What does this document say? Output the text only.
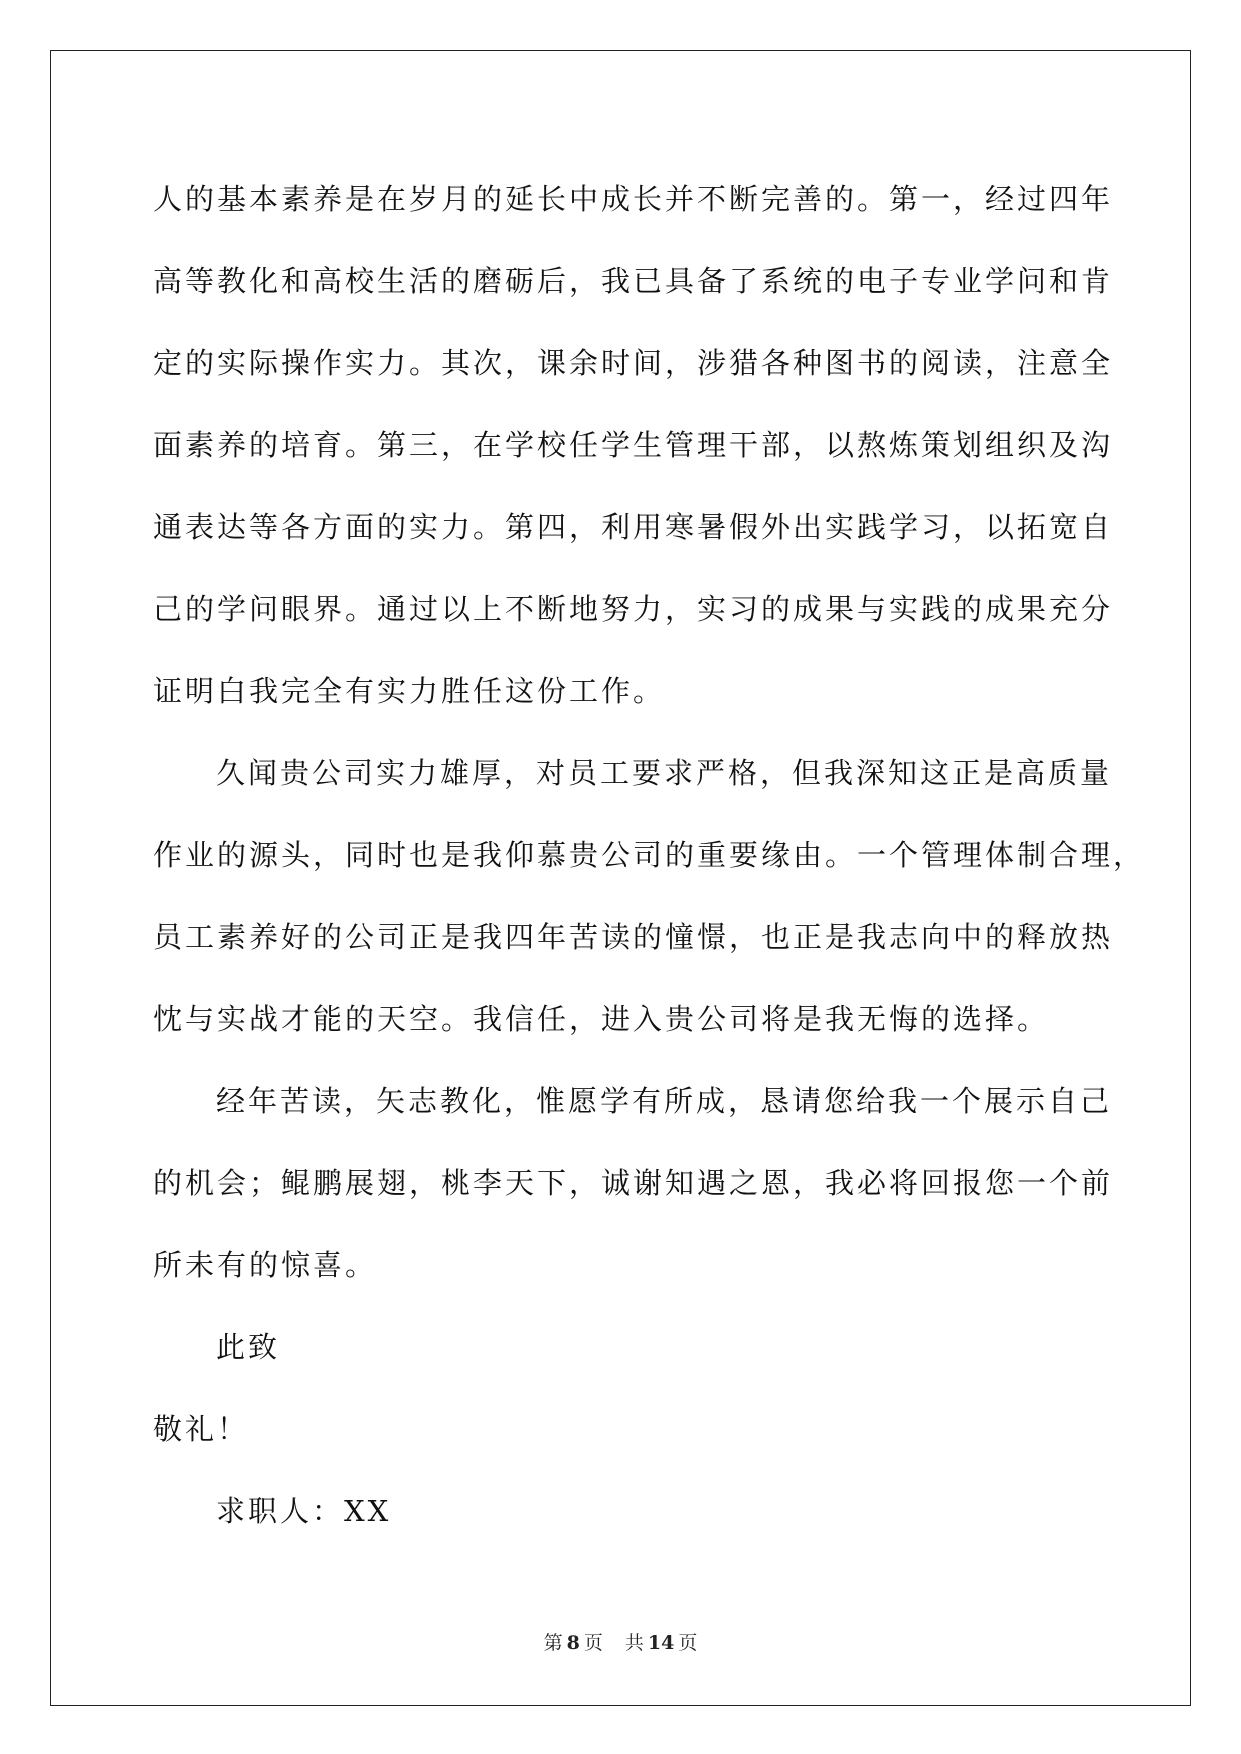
人的基本素养是在岁月的延长中成长并不断完善的。第一，经过四年
高等教化和高校生活的磨砺后，我已具备了系统的电子专业学问和肯
定的实际操作实力。其次，课余时间，涉猎各种图书的阅读，注意全
面素养的培育。第三，在学校任学生管理干部，以熬炼策划组织及沟
通表达等各方面的实力。第四，利用寒暑假外出实践学习，以拓宽自
己的学问眼界。通过以上不断地努力，实习的成果与实践的成果充分
证明白我完全有实力胜任这份工作。

久闻贵公司实力雄厚，对员工要求严格，但我深知这正是高质量
作业的源头，同时也是我仰慕贵公司的重要缘由。一个管理体制合理，
员工素养好的公司正是我四年苦读的憧憬，也正是我志向中的释放热
忱与实战才能的天空。我信任，进入贵公司将是我无悔的选择。

经年苦读，矢志教化，惟愿学有所成，恳请您给我一个展示自己
的机会；鲲鹏展翅，桃李天下，诚谢知遇之恩，我必将回报您一个前
所未有的惊喜。

此致

敬礼！

求职人：XX

第 8 页 共 14 页
